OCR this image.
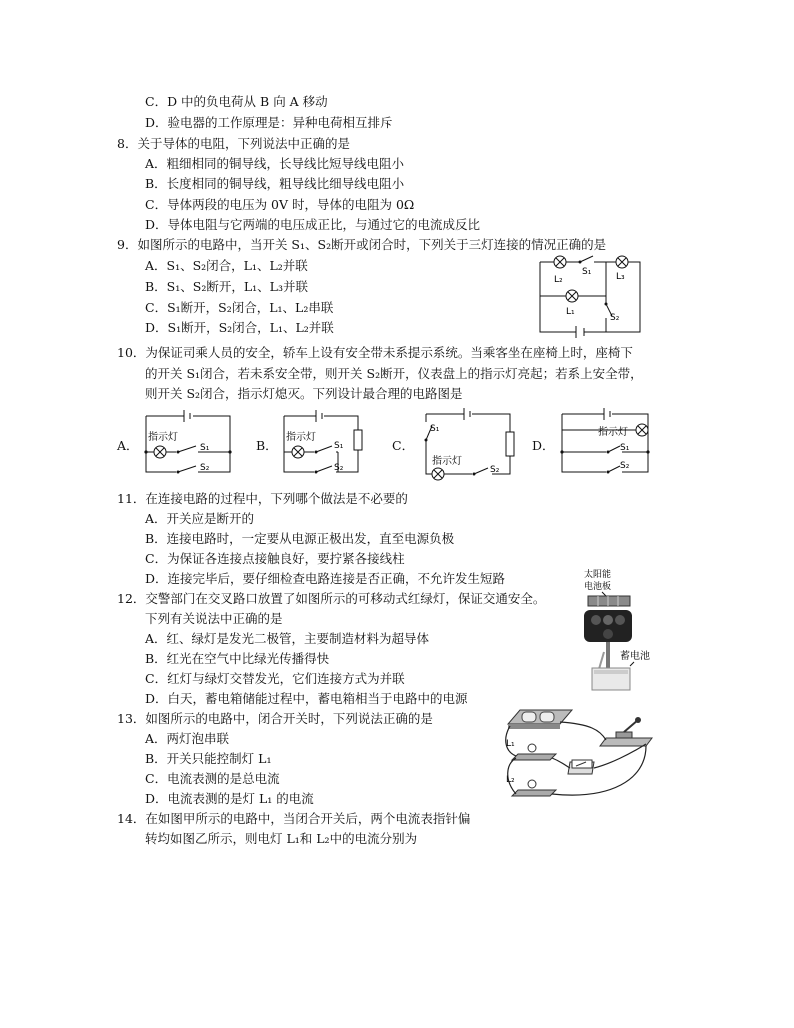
C．D 中的负电荷从 B 向 A 移动
D．验电器的工作原理是：异种电荷相互排斥
8．关于导体的电阻，下列说法中正确的是
A．粗细相同的铜导线，长导线比短导线电阻小
B．长度相同的铜导线，粗导线比细导线电阻小
C．导体两段的电压为 0V 时，导体的电阻为 0Ω
D．导体电阻与它两端的电压成正比，与通过它的电流成反比
9．如图所示的电路中，当开关 S₁、S₂断开或闭合时，下列关于三灯连接的情况正确的是
A．S₁、S₂闭合，L₁、L₂并联
B．S₁、S₂断开，L₁、L₃并联
C．S₁断开，S₂闭合，L₁、L₂串联
D．S₁断开，S₂闭合，L₁、L₂并联
L₂	L₃
S₁
L₁
S₂
10．为保证司乘人员的安全，轿车上设有安全带未系提示系统。当乘客坐在座椅上时，座椅下
的开关 S₁闭合，若未系安全带，则开关 S₂断开，仪表盘上的指示灯亮起；若系上安全带，
则开关 S₂闭合，指示灯熄灭。下列设计最合理的电路图是
A．
指示灯
S₁
S₂
B．
指示灯
S₁
S₂
C．
S₁
指示灯
S₂
D．
指示灯
S₁
S₂
11．在连接电路的过程中，下列哪个做法是不必要的
A．开关应是断开的
B．连接电路时，一定要从电源正极出发，直至电源负极
C．为保证各连接点接触良好，要拧紧各接线柱
D．连接完毕后，要仔细检查电路连接是否正确，不允许发生短路
12．交警部门在交叉路口放置了如图所示的可移动式红绿灯，保证交通安全。
下列有关说法中正确的是
A．红、绿灯是发光二极管，主要制造材料为超导体
B．红光在空气中比绿光传播得快
C．红灯与绿灯交替发光，它们连接方式为并联
D．白天，蓄电箱储能过程中，蓄电箱相当于电路中的电源
太阳能
电池板
蓄电池
13．如图所示的电路中，闭合开关时，下列说法正确的是
A．两灯泡串联
B．开关只能控制灯 L₁
C．电流表测的是总电流
D．电流表测的是灯 L₁ 的电流
L₁
L₂
14．在如图甲所示的电路中，当闭合开关后，两个电流表指针偏
转均如图乙所示，则电灯 L₁和 L₂中的电流分别为
